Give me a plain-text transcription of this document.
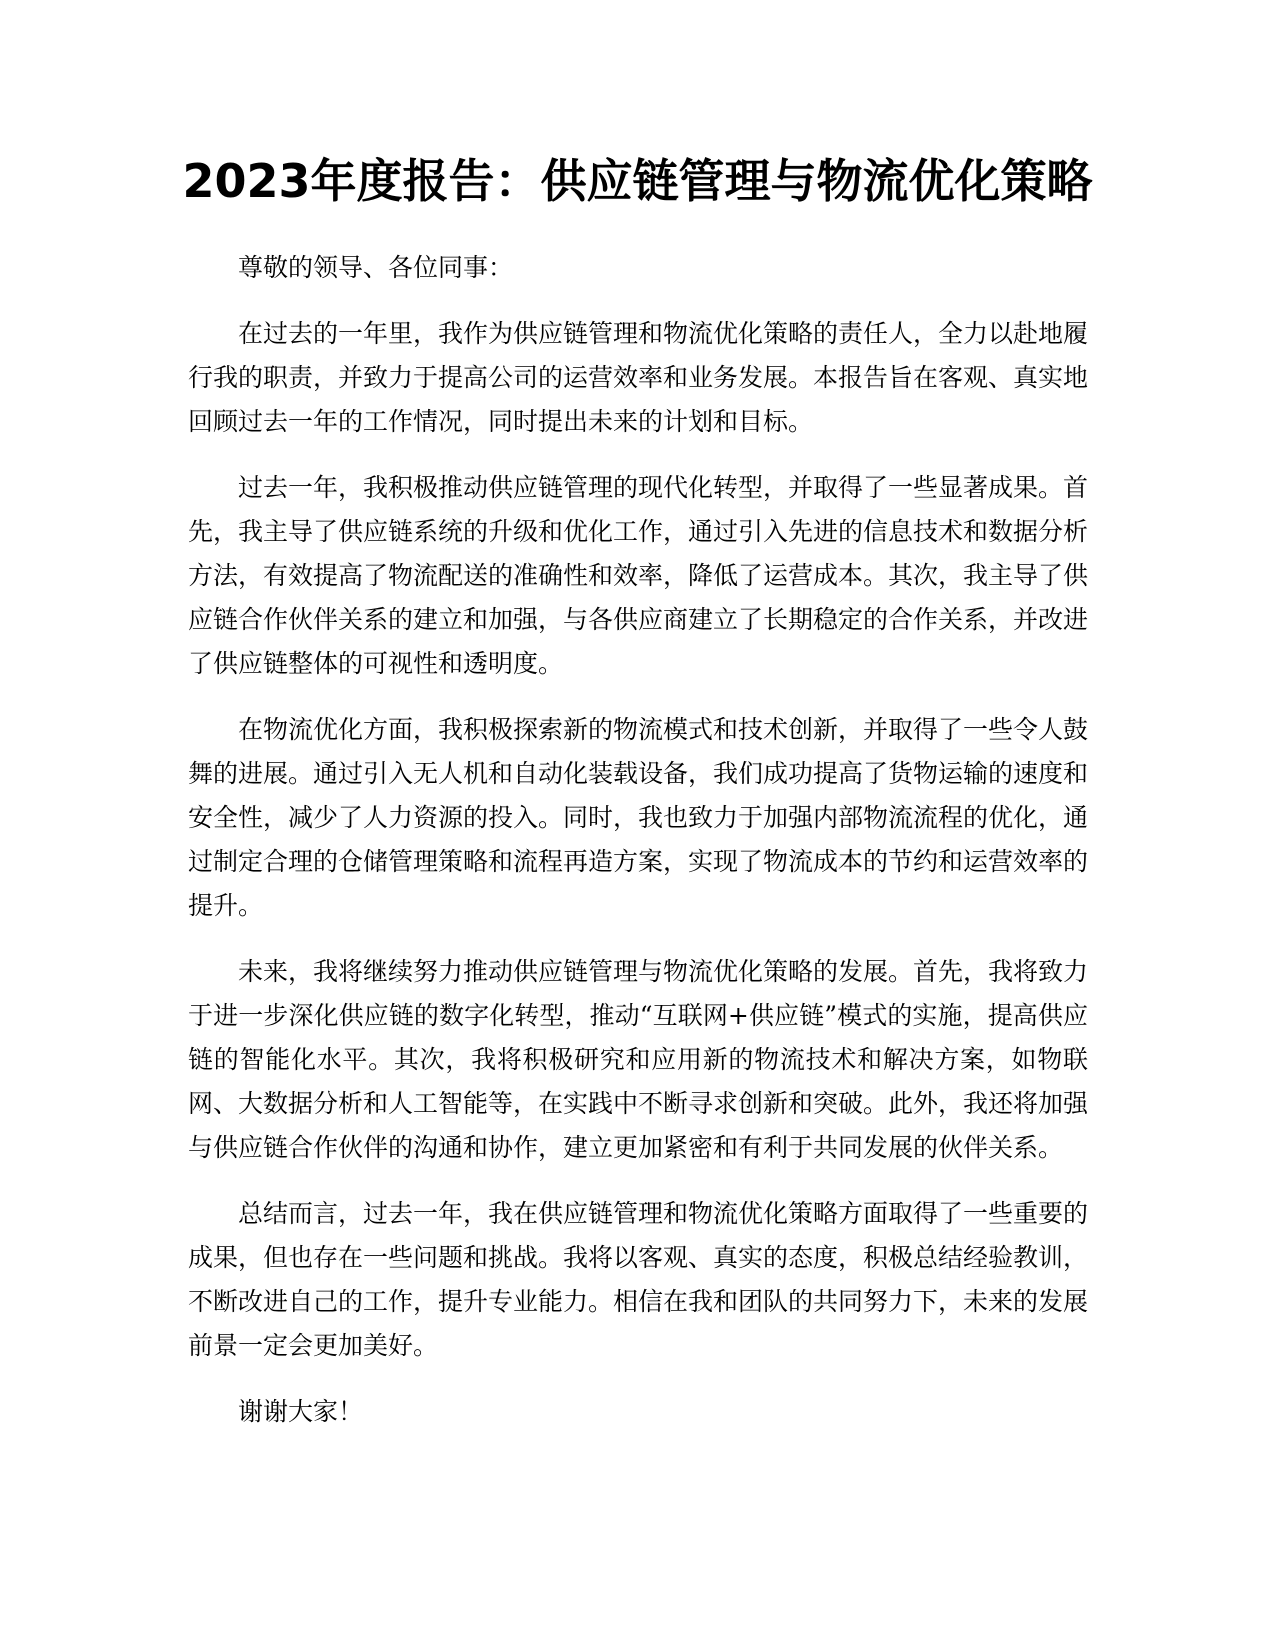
2023年度报告：供应链管理与物流优化策略

尊敬的领导、各位同事：

在过去的一年里，我作为供应链管理和物流优化策略的责任人，全力以赴地履行我的职责，并致力于提高公司的运营效率和业务发展。本报告旨在客观、真实地回顾过去一年的工作情况，同时提出未来的计划和目标。

过去一年，我积极推动供应链管理的现代化转型，并取得了一些显著成果。首先，我主导了供应链系统的升级和优化工作，通过引入先进的信息技术和数据分析方法，有效提高了物流配送的准确性和效率，降低了运营成本。其次，我主导了供应链合作伙伴关系的建立和加强，与各供应商建立了长期稳定的合作关系，并改进了供应链整体的可视性和透明度。

在物流优化方面，我积极探索新的物流模式和技术创新，并取得了一些令人鼓舞的进展。通过引入无人机和自动化装载设备，我们成功提高了货物运输的速度和安全性，减少了人力资源的投入。同时，我也致力于加强内部物流流程的优化，通过制定合理的仓储管理策略和流程再造方案，实现了物流成本的节约和运营效率的提升。

未来，我将继续努力推动供应链管理与物流优化策略的发展。首先，我将致力于进一步深化供应链的数字化转型，推动“互联网+供应链”模式的实施，提高供应链的智能化水平。其次，我将积极研究和应用新的物流技术和解决方案，如物联网、大数据分析和人工智能等，在实践中不断寻求创新和突破。此外，我还将加强与供应链合作伙伴的沟通和协作，建立更加紧密和有利于共同发展的伙伴关系。

总结而言，过去一年，我在供应链管理和物流优化策略方面取得了一些重要的成果，但也存在一些问题和挑战。我将以客观、真实的态度，积极总结经验教训，不断改进自己的工作，提升专业能力。相信在我和团队的共同努力下，未来的发展前景一定会更加美好。

谢谢大家！
